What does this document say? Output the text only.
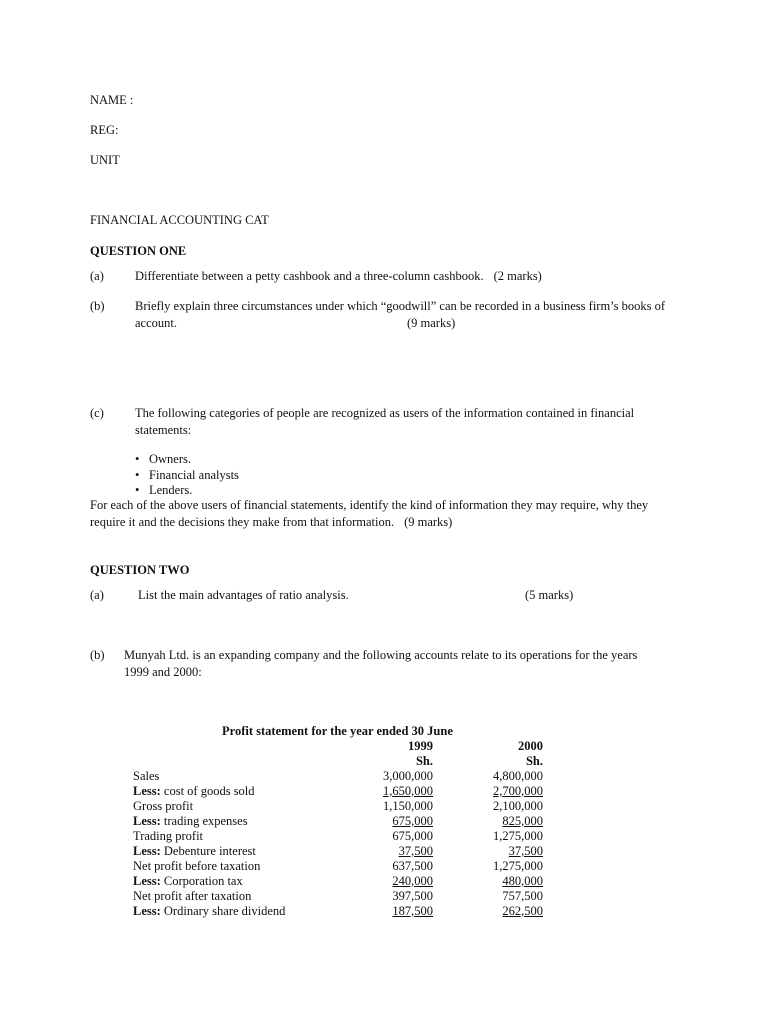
NAME :
REG:
UNIT
FINANCIAL ACCOUNTING CAT
QUESTION ONE
(a) Differentiate between a petty cashbook and a three-column cashbook. (2 marks)
(b) Briefly explain three circumstances under which “goodwill” can be recorded in a business firm’s books of
account.	(9 marks)
(c) The following categories of people are recognized as users of the information contained in financial statements:
• Owners.
• Financial analysts
• Lenders.
For each of the above users of financial statements, identify the kind of information they may require, why they require it and the decisions they make from that information. (9 marks)
QUESTION TWO
(a)	List the main advantages of ratio analysis.	(5 marks)
(b) Munyah Ltd. is an expanding company and the following accounts relate to its operations for the years 1999 and 2000:
Profit statement for the year ended 30 June
	1999		2000
	Sh.		Sh.
Sales	3,000,000		4,800,000
Less: cost of goods sold	1,650,000		2,700,000
Gross profit	1,150,000		2,100,000
Less: trading expenses	675,000		825,000
Trading profit	675,000		1,275,000
Less: Debenture interest	37,500		37,500
Net profit before taxation	637,500		1,275,000
Less: Corporation tax	240,000		480,000
Net profit after taxation	397,500		757,500
Less: Ordinary share dividend	187,500		262,500
